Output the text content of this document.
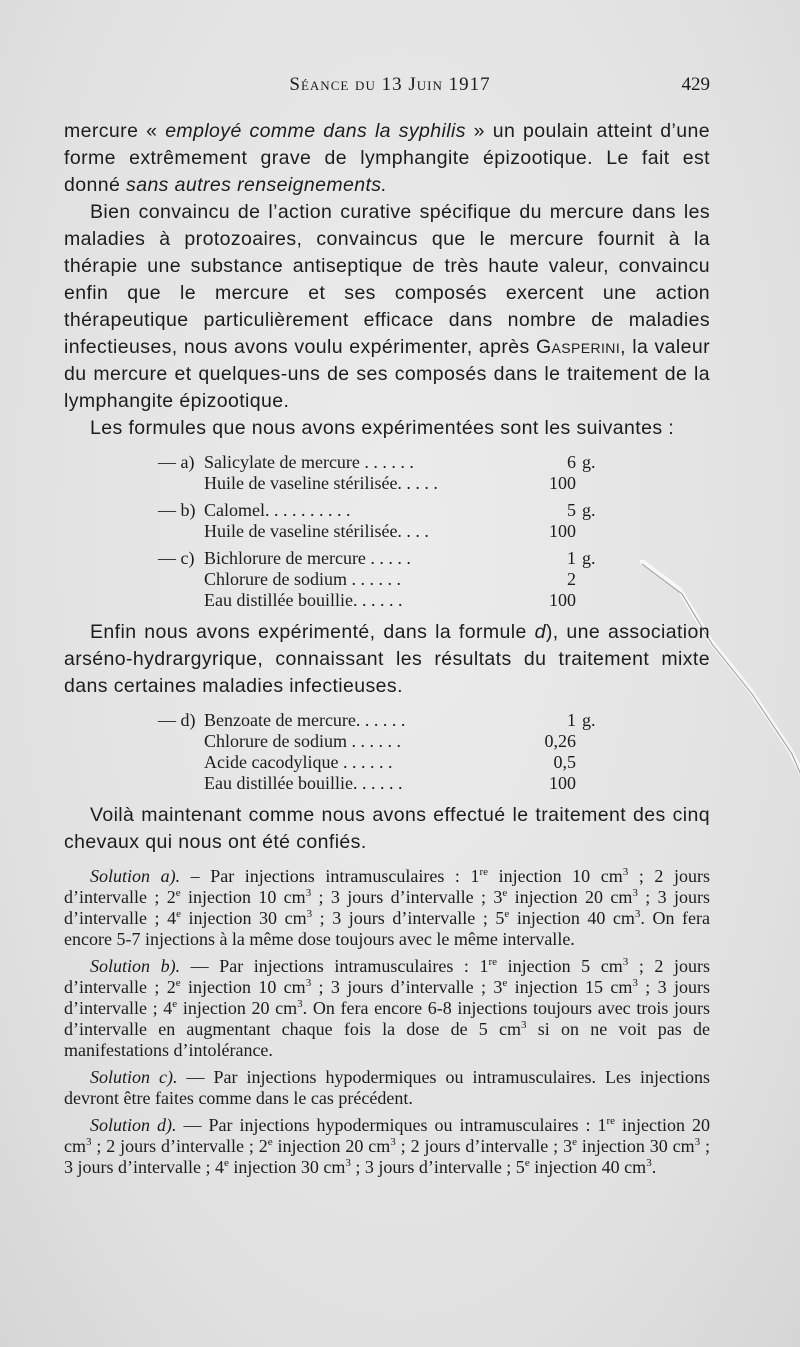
Séance du 13 Juin 1917	429

mercure « employé comme dans la syphilis » un poulain atteint d’une forme extrêmement grave de lymphangite épizootique. Le fait est donné sans autres renseignements.

Bien convaincu de l’action curative spécifique du mercure dans les maladies à protozoaires, convaincus que le mercure fournit à la thérapie une substance antiseptique de très haute valeur, convaincu enfin que le mercure et ses composés exercent une action thérapeutique particulièrement efficace dans nombre de maladies infectieuses, nous avons voulu expérimenter, après Gasperini, la valeur du mercure et quelques-uns de ses composés dans le traitement de la lymphangite épizootique.

Les formules que nous avons expérimentées sont les suivantes :

— a) Salicylate de mercure . . . . . .	6 g.
Huile de vaseline stérilisée. . . . .	100
— b) Calomel. . . . . . . . . .	5 g.
Huile de vaseline stérilisée. . . .	100
— c) Bichlorure de mercure . . . . .	1 g.
Chlorure de sodium . . . . . .	2
Eau distillée bouillie. . . . . .	100

Enfin nous avons expérimenté, dans la formule d), une association arséno-hydrargyrique, connaissant les résultats du traitement mixte dans certaines maladies infectieuses.

— d) Benzoate de mercure. . . . . .	1 g.
Chlorure de sodium . . . . . .	0,26
Acide cacodylique . . . . . .	0,5
Eau distillée bouillie. . . . . .	100

Voilà maintenant comme nous avons effectué le traitement des cinq chevaux qui nous ont été confiés.

Solution a). – Par injections intramusculaires : 1re injection 10 $cm^3$ ; 2 jours d’intervalle ; 2e injection 10 $cm^3$ ; 3 jours d’intervalle ; 3e injection 20 $cm^3$ ; 3 jours d’intervalle ; 4e injection 30 $cm^3$ ; 3 jours d’intervalle ; 5e injection 40 $cm^3$. On fera encore 5-7 injections à la même dose toujours avec le même intervalle.

Solution b). — Par injections intramusculaires : 1re injection 5 $cm^3$ ; 2 jours d’intervalle ; 2e injection 10 $cm^3$ ; 3 jours d’intervalle ; 3e injection 15 $cm^3$ ; 3 jours d’intervalle ; 4e injection 20 $cm^3$. On fera encore 6-8 injections toujours avec trois jours d’intervalle en augmentant chaque fois la dose de 5 $cm^3$ si on ne voit pas de manifestations d’intolérance.

Solution c). — Par injections hypodermiques ou intramusculaires. Les injections devront être faites comme dans le cas précédent.

Solution d). — Par injections hypodermiques ou intramusculaires : 1re injection 20 $cm^3$ ; 2 jours d’intervalle ; 2e injection 20 $cm^3$ ; 2 jours d’intervalle ; 3e injection 30 $cm^3$ ; 3 jours d’intervalle ; 4e injection 30 $cm^3$ ; 3 jours d’intervalle ; 5e injection 40 $cm^3$.
